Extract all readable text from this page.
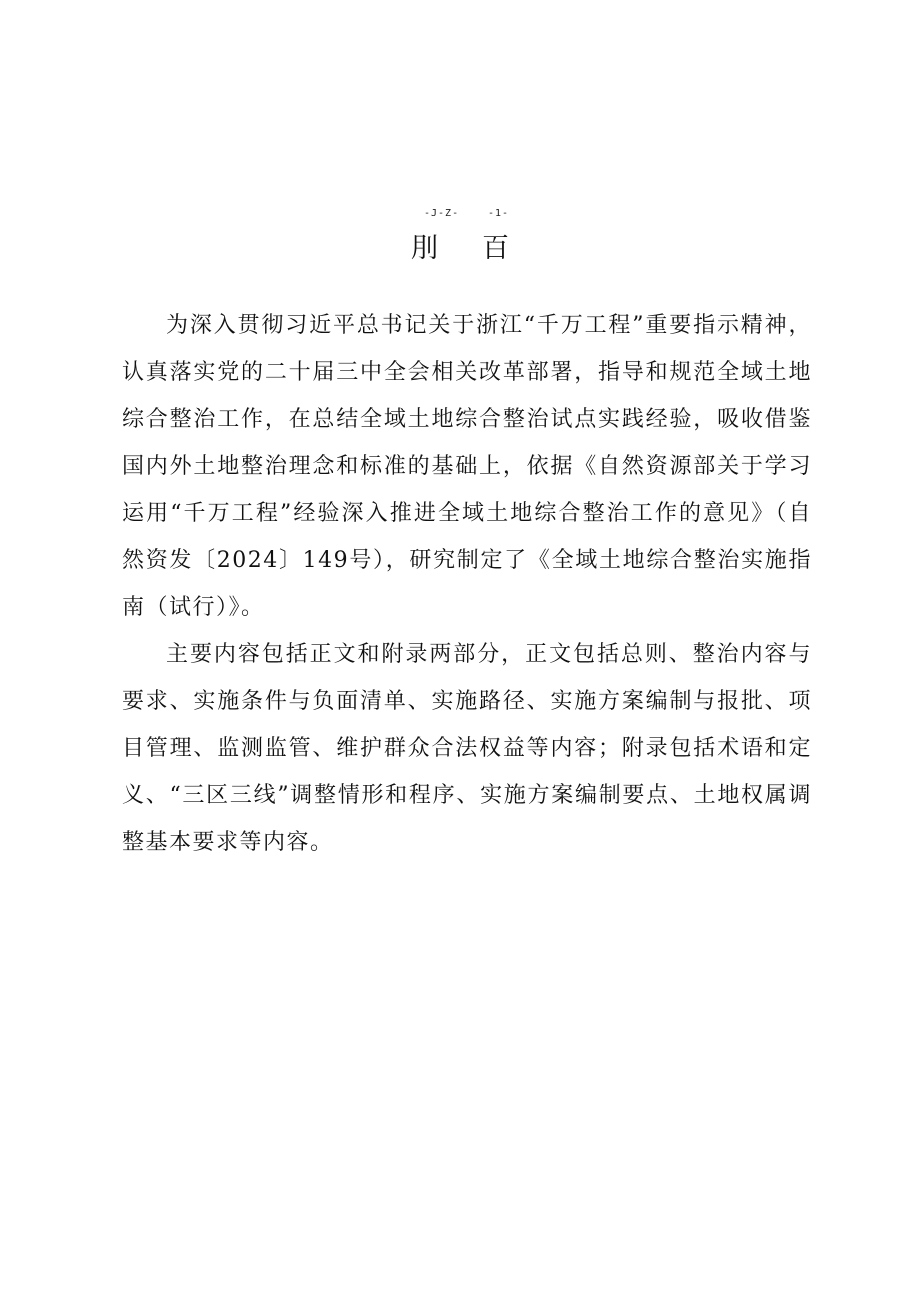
-J-Z-	-1-
刖百

为深入贯彻习近平总书记关于浙江“千万工程”重要指示精神，认真落实党的二十届三中全会相关改革部署，指导和规范全域土地综合整治工作，在总结全域土地综合整治试点实践经验，吸收借鉴国内外土地整治理念和标准的基础上，依据《自然资源部关于学习运用“千万工程”经验深入推进全域土地综合整治工作的意见》（自然资发〔2024〕149号），研究制定了《全域土地综合整治实施指南（试行）》。

主要内容包括正文和附录两部分，正文包括总则、整治内容与要求、实施条件与负面清单、实施路径、实施方案编制与报批、项目管理、监测监管、维护群众合法权益等内容；附录包括术语和定义、“三区三线”调整情形和程序、实施方案编制要点、土地权属调整基本要求等内容。
